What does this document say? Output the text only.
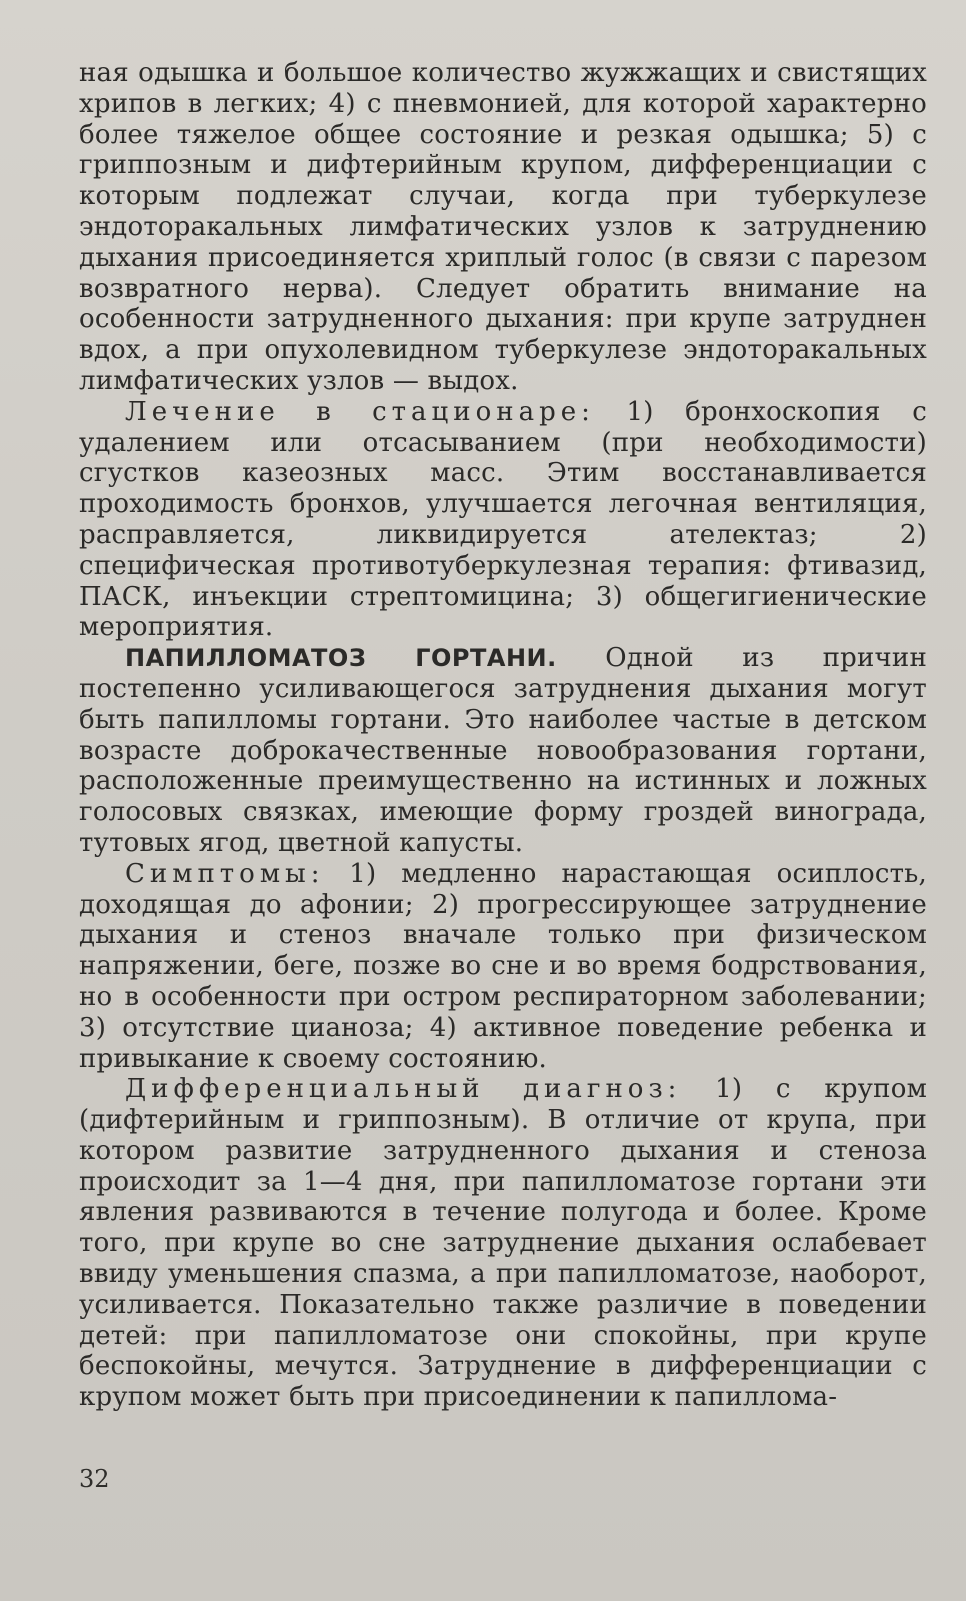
ная одышка и большое количество жужжащих и свистящих хрипов в легких; 4) с пневмонией, для которой характерно более тяжелое общее состояние и резкая одышка; 5) с гриппозным и дифтерийным крупом, дифференциации с которым подлежат случаи, когда при туберкулезе эндоторакальных лимфатических узлов к затруднению дыхания присоединяется хриплый голос (в связи с парезом возвратного нерва). Следует обратить внимание на особенности затрудненного дыхания: при крупе затруднен вдох, а при опухолевидном туберкулезе эндоторакальных лимфатических узлов — выдох.

Лечение в стационаре: 1) бронхоскопия с удалением или отсасыванием (при необходимости) сгустков казеозных масс. Этим восстанавливается проходимость бронхов, улучшается легочная вентиляция, расправляется, ликвидируется ателектаз; 2) специфическая противотуберкулезная терапия: фтивазид, ПАСК, инъекции стрептомицина; 3) общегигиенические мероприятия.

ПАПИЛЛОМАТОЗ ГОРТАНИ. Одной из причин постепенно усиливающегося затруднения дыхания могут быть папилломы гортани. Это наиболее частые в детском возрасте доброкачественные новообразования гортани, расположенные преимущественно на истинных и ложных голосовых связках, имеющие форму гроздей винограда, тутовых ягод, цветной капусты.

Симптомы: 1) медленно нарастающая осиплость, доходящая до афонии; 2) прогрессирующее затруднение дыхания и стеноз вначале только при физическом напряжении, беге, позже во сне и во время бодрствования, но в особенности при остром респираторном заболевании; 3) отсутствие цианоза; 4) активное поведение ребенка и привыкание к своему состоянию.

Дифференциальный диагноз: 1) с крупом (дифтерийным и гриппозным). В отличие от крупа, при котором развитие затрудненного дыхания и стеноза происходит за 1—4 дня, при папилломатозе гортани эти явления развиваются в течение полугода и более. Кроме того, при крупе во сне затруднение дыхания ослабевает ввиду уменьшения спазма, а при папилломатозе, наоборот, усиливается. Показательно также различие в поведении детей: при папилломатозе они спокойны, при крупе беспокойны, мечутся. Затруднение в дифференциации с крупом может быть при присоединении к папиллома-

32
